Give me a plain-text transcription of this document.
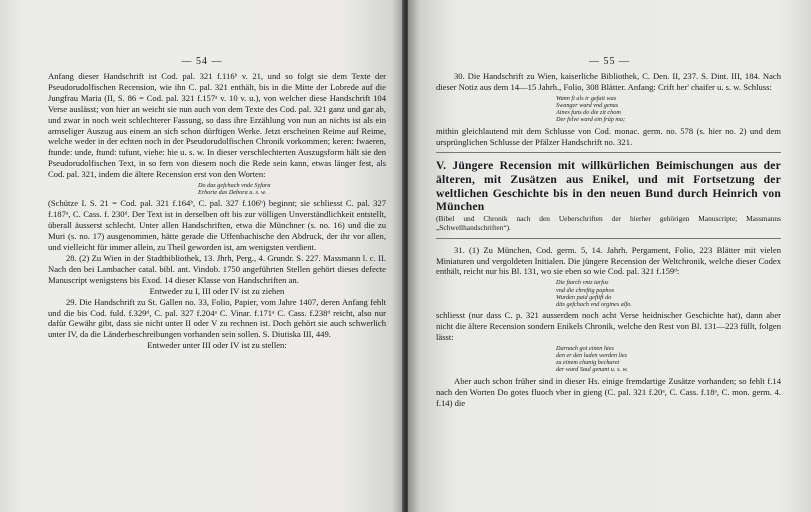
— 54 —

Anfang dieser Handschrift ist Cod. pal. 321 f.116ᵇ v. 21, und so folgt sie dem Texte der Pseudorudolfischen Recension, wie ihn C. pal. 321 enthält, bis in die Mitte der Lobrede auf die Jungfrau Maria (II, S. 86 = Cod. pal. 321 f.157ᵃ v. 10 v. u.), von welcher diese Handschrift 104 Verse auslässt; von hier an weicht sie nun auch von dem Texte des Cod. pal. 321 ganz und gar ab, und zwar in noch weit schlechterer Fassung, so dass ihre Erzählung von nun an nichts ist als ein armseliger Auszug aus einem an sich schon dürftigen Werke. Jetzt erscheinen Reime auf Reime, welche weder in der echten noch in der Pseudorudolfischen Chronik vorkommen; keren: fwaeren, ftunde: unde, ftund: tufunt, viehe: hie u. s. w. In dieser verschlechterten Auszugsform hält sie den Pseudorudolfischen Text, in so fern von diesem noch die Rede sein kann, etwas länger fest, als Cod. pal. 321, indem die ältere Recension erst von den Worten:

Do daz gefchach vnde Syfara
Erhorte das Debora u. s. w.

(Schütze I. S. 21 = Cod. pal. 321 f.164ᵇ, C. pal. 327 f.106ᵇ) beginnt; sie schliesst C. pal. 327 f.187ᵃ, C. Cass. f. 230ᵈ. Der Text ist in derselben oft bis zur völligen Unverständlichkeit entstellt, überall äusserst schlecht. Unter allen Handschriften, etwa die Münchner (s. no. 16) und die zu Muri (s. no. 17) ausgenommen, hätte gerade die Uffenbachische den Abdruck, der ihr vor allen, und vielleicht für immer allein, zu Theil geworden ist, am wenigsten verdient.

28. (2) Zu Wien in der Stadtbibliothek, 13. Jhrh, Perg., 4. Grundr. S. 227. Massmann l. c. II. Nach den bei Lambacher catal. bibl. ant. Vindob. 1750 angeführten Stellen gehört dieses defecte Manuscript wenigstens bis Exod. 14 dieser Klasse von Handschriften an.

Entweder zu I, III oder IV ist zu ziehen

29. Die Handschrift zu St. Gallen no. 33, Folio, Papier, vom Jahre 1407, deren Anfang fehlt und die bis Cod. fuld. f.329ᵈ, C. pal. 327 f.204ᵃ C. Vinar. f.171ᵃ C. Cass. f.238ᵈ reicht, also nur dafür Gewähr gibt, dass sie nicht unter II oder V zu rechnen ist. Doch gehört sie auch schwerlich unter IV, da die Länderbeschreibungen vorhanden sein sollen. S. Diutiska III, 449.

Entweder unter III oder IV ist zu stellen:

— 55 —

30. Die Handschrift zu Wien, kaiserliche Bibliothek, C. Den. II, 237. S. Dint. III, 184. Nach dieser Notiz aus dem 14—15 Jahrh., Folio, 308 Blätter. Anfang: Crift her' chaifer u. s. w. Schluss:

Wann fi als ir gefait was
Swanger ward vnd genas
Aines funs do die zit chom
Der felve ward ein frúp ma;

mithin gleichlautend mit dem Schlusse von Cod. monac. germ. no. 578 (s. hier no. 2) und dem ursprünglichen Schlusse der Pfälzer Handschrift no. 321.

V. Jüngere Recension mit willkürlichen Beimischungen aus der älteren, mit Zusätzen aus Enikel, und mit Fortsetzung der weltlichen Geschichte bis in den neuen Bund durch Heinrich von München

(Bibel und Chronik nach den Ueberschriften der hierher gehörigen Manuscripte; Massmanns „Schwellhandschriften“).

31. (1) Zu München, Cod. germ. 5, 14. Jahrh. Pergament, Folio, 223 Blätter mit vielen Miniaturen und vergoldeten Initialen. Die jüngere Recension der Weltchronik, welche dieser Codex enthält, reicht nur bis Bl. 131, wo sie eben so wie Cod. pal. 321 f.159ᵈ:

Die ftarch vntz tarfus
vnd die chreftig paphos
Wurden paid geftift do
dits gefchach vnd orgines alfo.

schliesst (nur dass C. p. 321 ausserdem noch acht Verse heidnischer Geschichte hat), dann aber nicht die ältere Recension sondern Enikels Chronik, welche den Rest von Bl. 131—223 füllt, folgen lässt:

Darnach got einen hies
den er den luden werden lies
zu einem chunig becharet
der ward Saul genant u. s. w.

Aber auch schon früher sind in dieser Hs. einige fremdartige Zusätze vorhanden; so fehlt f.14 nach den Worten Do gotes fluoch vber in gieng (C. pal. 321 f.20ᵃ, C. Cass. f.18ᵃ, C. mon. germ. 4. f.14) die
